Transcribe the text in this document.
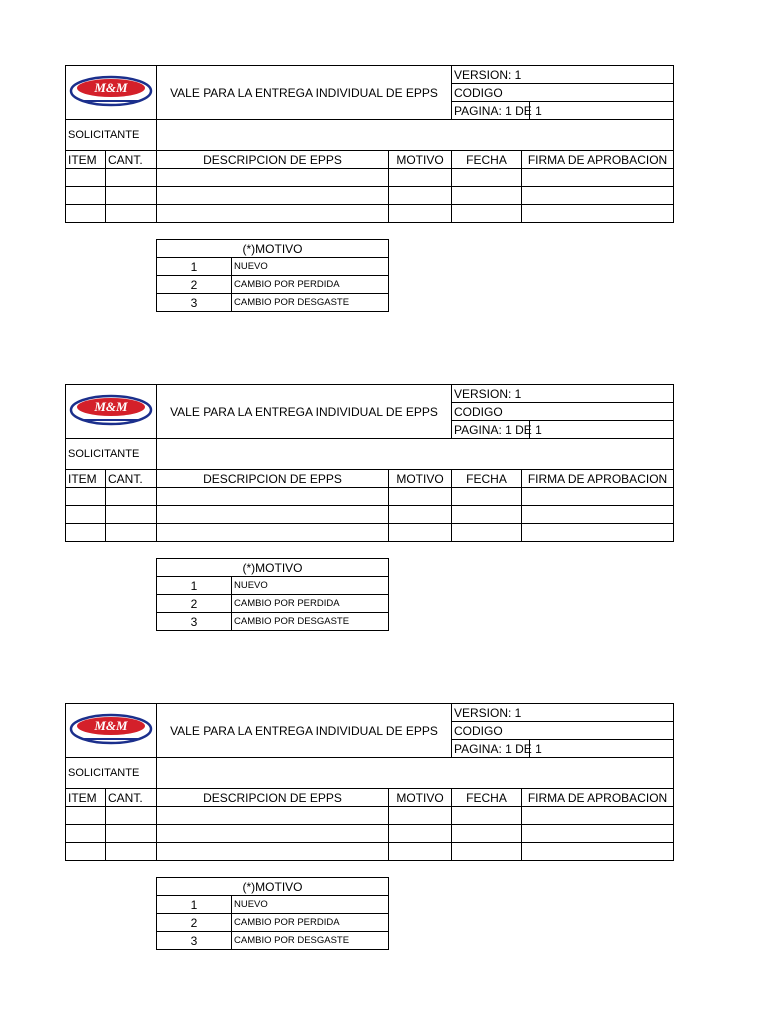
M&M		VALE PARA LA ENTREGA INDIVIDUAL DE EPPS		VERSION: 1	
				CODIGO	
				PAGINA: 1 DE 1	

SOLICITANTE					
ITEM	CANT.	DESCRIPCION DE EPPS	MOTIVO	FECHA	FIRMA DE APROBACION

M&M		VALE PARA LA ENTREGA INDIVIDUAL DE EPPS		VERSION: 1	
				CODIGO	
				PAGINA: 1 DE 1	

SOLICITANTE					
ITEM	CANT.	DESCRIPCION DE EPPS	MOTIVO	FECHA	FIRMA DE APROBACION

M&M		VALE PARA LA ENTREGA INDIVIDUAL DE EPPS		VERSION: 1	
				CODIGO	
				PAGINA: 1 DE 1	

SOLICITANTE					
ITEM	CANT.	DESCRIPCION DE EPPS	MOTIVO	FECHA	FIRMA DE APROBACION

(*)MOTIVO	
1	NUEVO
2	CAMBIO POR PERDIDA
3	CAMBIO POR DESGASTE
(*)MOTIVO	
1	NUEVO
2	CAMBIO POR PERDIDA
3	CAMBIO POR DESGASTE
(*)MOTIVO	
1	NUEVO
2	CAMBIO POR PERDIDA
3	CAMBIO POR DESGASTE
